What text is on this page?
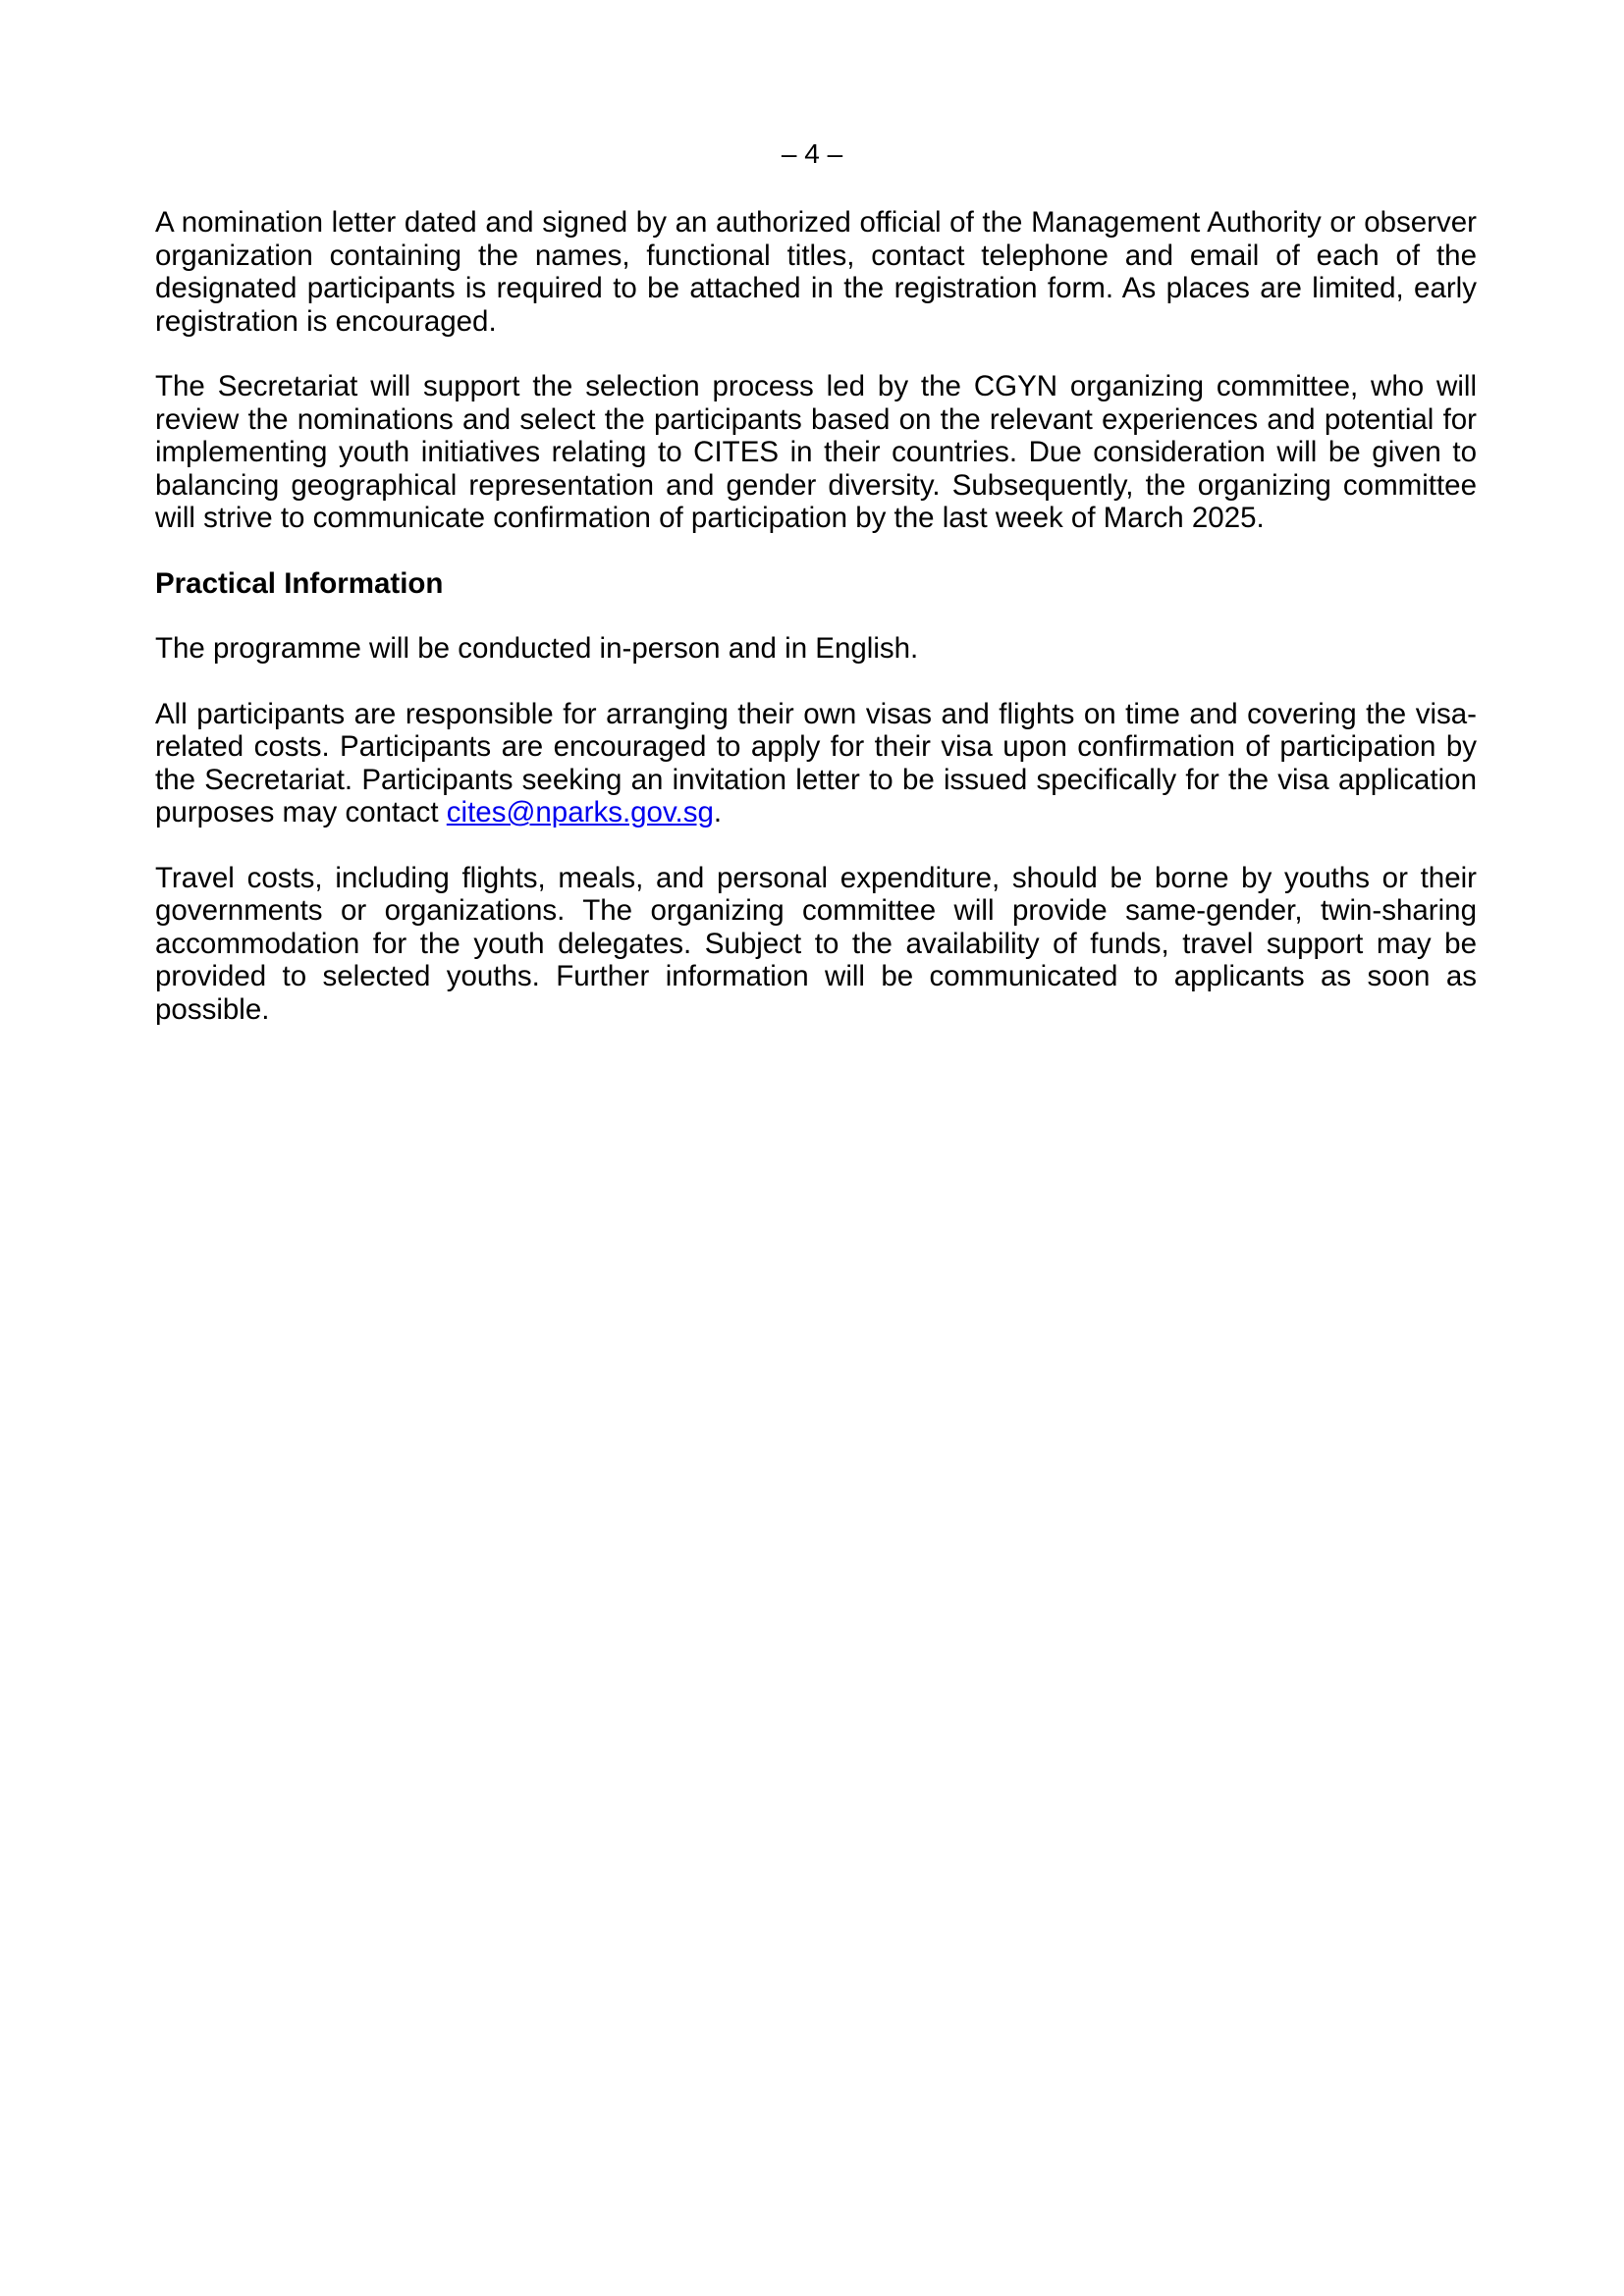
– 4 –

A nomination letter dated and signed by an authorized official of the Management Authority or observer organization containing the names, functional titles, contact telephone and email of each of the designated participants is required to be attached in the registration form. As places are limited, early registration is encouraged.

The Secretariat will support the selection process led by the CGYN organizing committee, who will review the nominations and select the participants based on the relevant experiences and potential for implementing youth initiatives relating to CITES in their countries. Due consideration will be given to balancing geographical representation and gender diversity. Subsequently, the organizing committee will strive to communicate confirmation of participation by the last week of March 2025.

Practical Information

The programme will be conducted in-person and in English.

All participants are responsible for arranging their own visas and flights on time and covering the visa-related costs. Participants are encouraged to apply for their visa upon confirmation of participation by the Secretariat. Participants seeking an invitation letter to be issued specifically for the visa application purposes may contact cites@nparks.gov.sg.

Travel costs, including flights, meals, and personal expenditure, should be borne by youths or their governments or organizations. The organizing committee will provide same-gender, twin-sharing accommodation for the youth delegates. Subject to the availability of funds, travel support may be provided to selected youths. Further information will be communicated to applicants as soon as possible.
